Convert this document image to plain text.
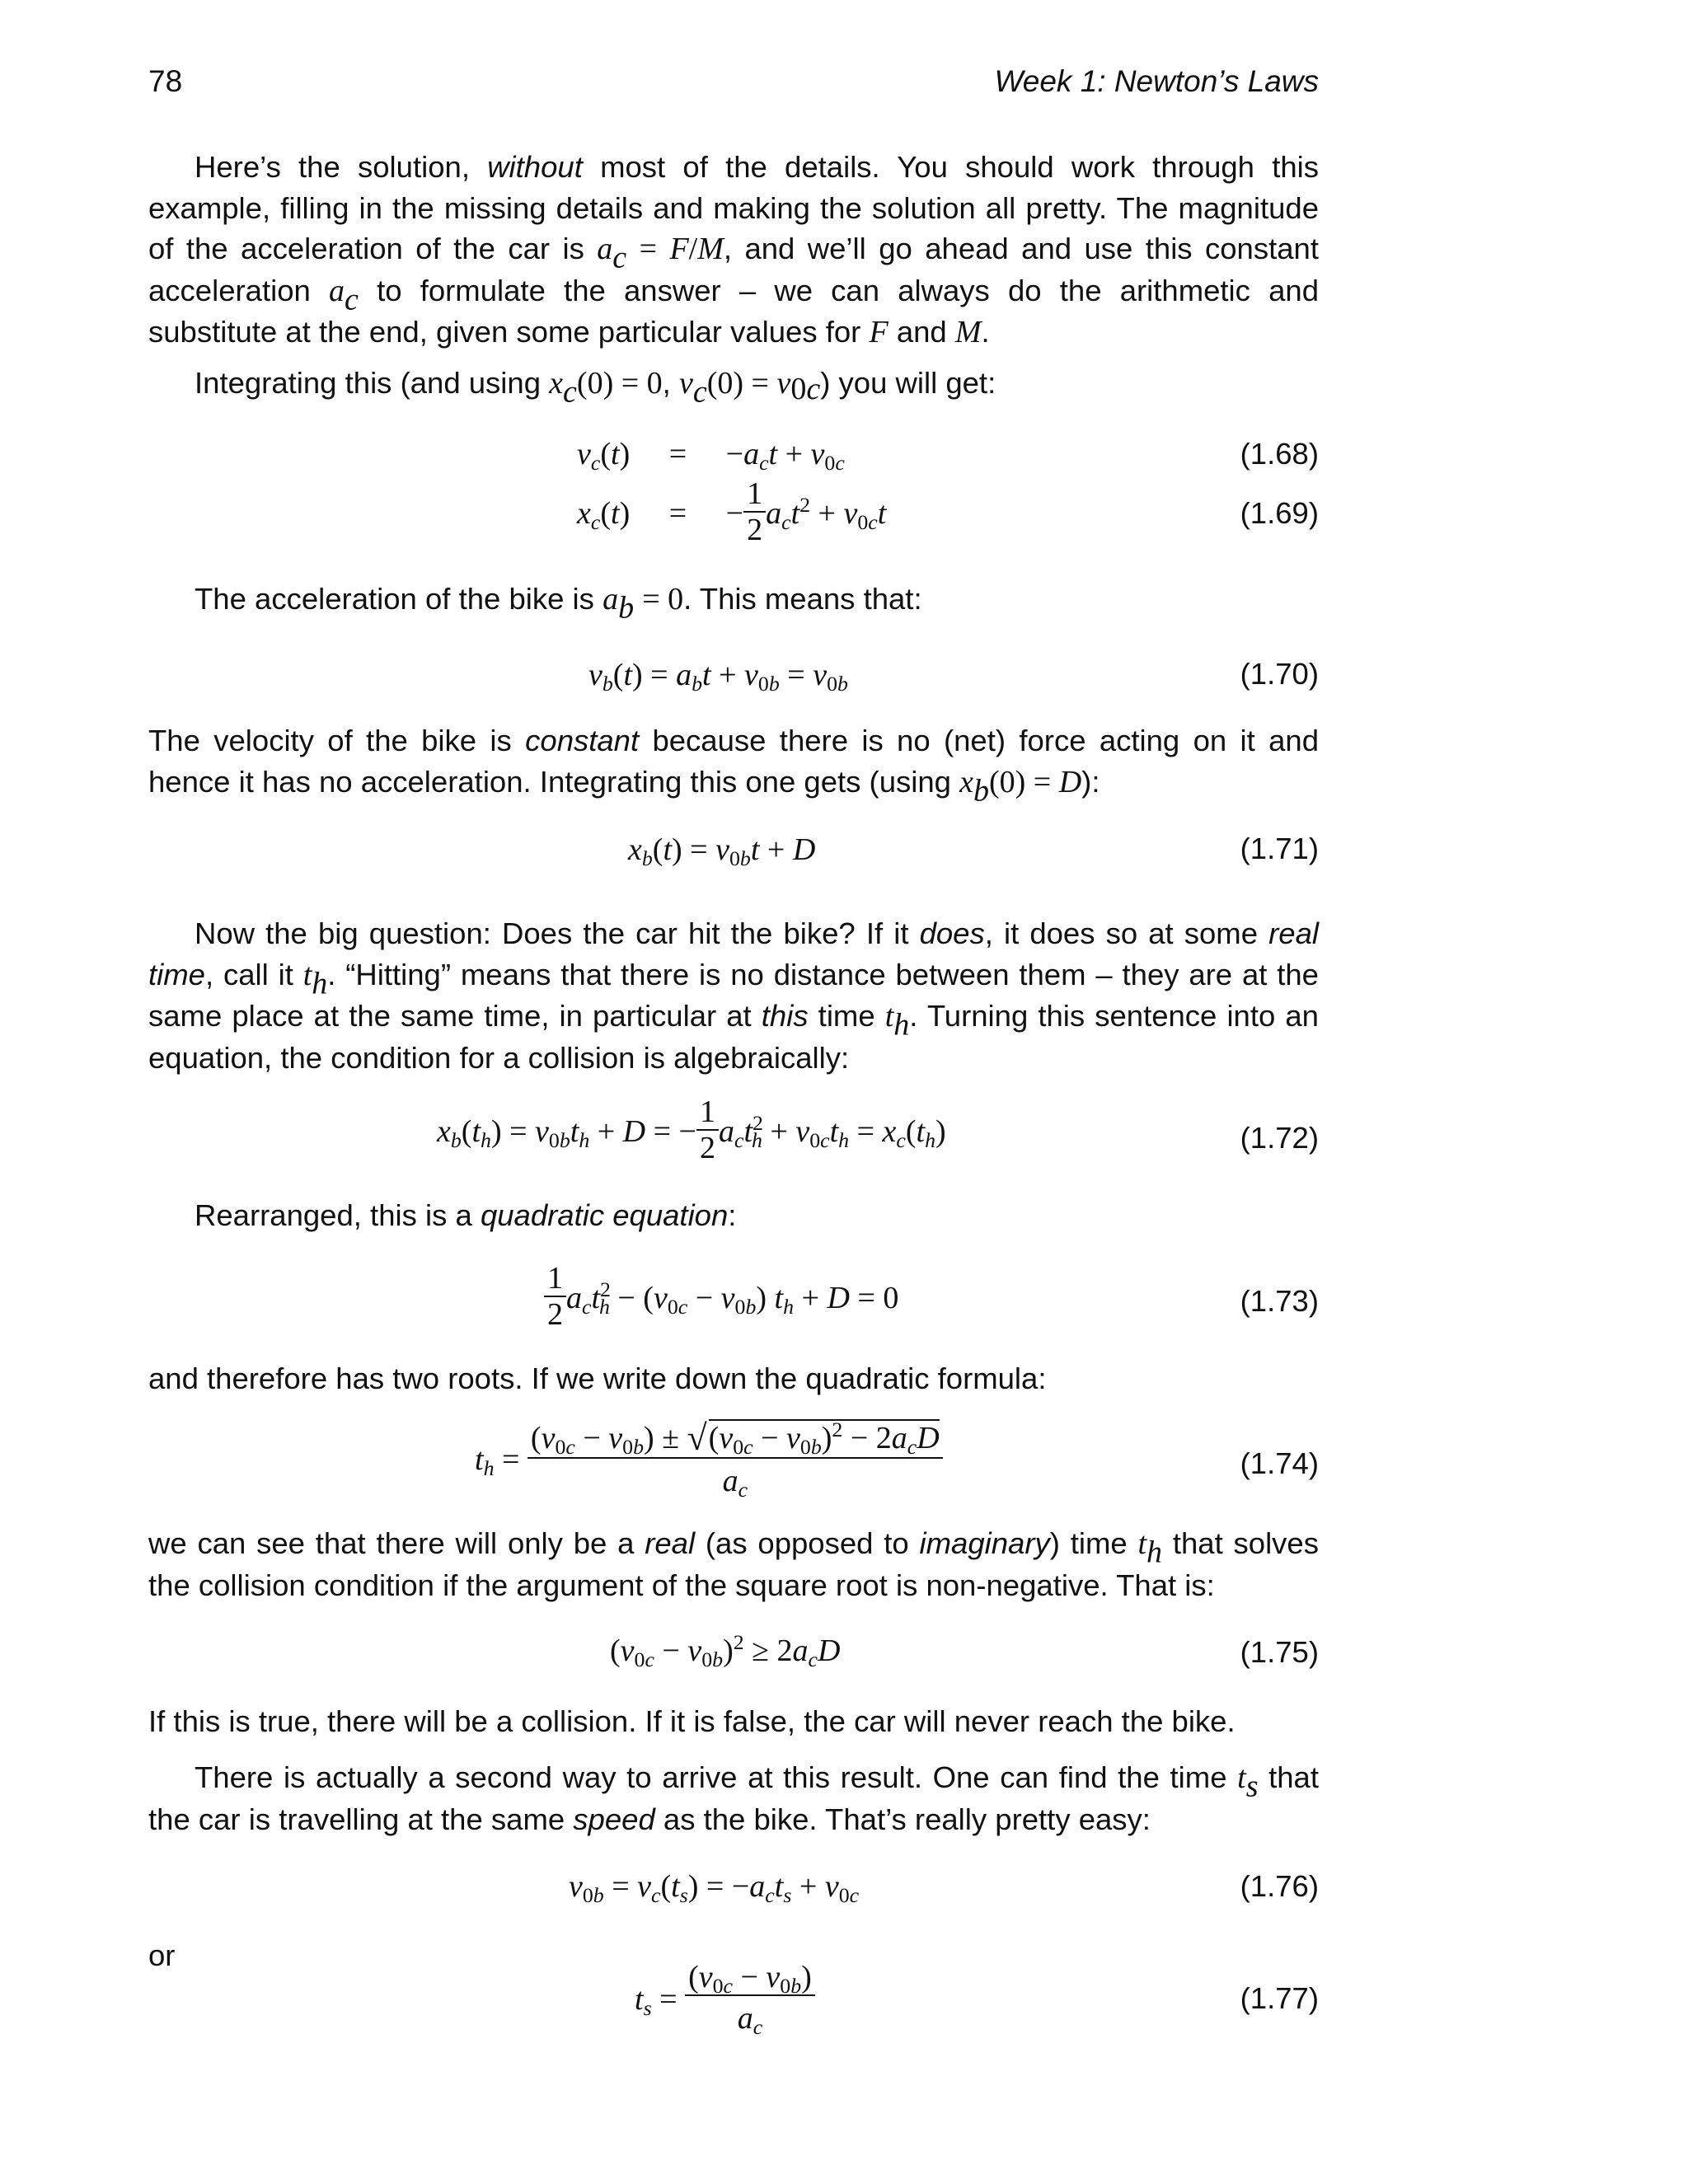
78	Week 1: Newton’s Laws
Here’s the solution, without most of the details. You should work through this example, filling in the missing details and making the solution all pretty. The magnitude of the acceleration of the car is $a_c = F/M$, and we’ll go ahead and use this constant acceleration $a_c$ to formulate the answer – we can always do the arithmetic and substitute at the end, given some particular values for F and M.
Integrating this (and using $x_c(0) = 0$, $v_c(0) = v_{0c}$) you will get:
$v_c(t)$     =     $-a_ct + v_{0c}$	(1.68)
$x_c(t)$ = − $\frac{1}{2} a_ct^2 + v_{0c}t$	(1.69)
The acceleration of the bike is $a_b = 0$. This means that:
$v_b(t) = a_bt + v_{0b} = v_{0b}$	(1.70)
The velocity of the bike is constant because there is no (net) force acting on it and hence it has no acceleration. Integrating this one gets (using $x_b(0) = D$):
$x_b(t) = v_{0b}t + D$	(1.71)
Now the big question: Does the car hit the bike? If it does, it does so at some real time, call it $t_h$. “Hitting” means that there is no distance between them – they are at the same place at the same time, in particular at this time $t_h$. Turning this sentence into an equation, the condition for a collision is algebraically:
$x_b(t_h) = v_{0b}t_h + D$ = − $\frac{1}{2} a_ct^2_h + v_{0c}t_h = x_c(t_h)$	(1.72)
Rearranged, this is a quadratic equation:
$\frac{1}{2} a_ct^2_h - (v_{0c} - v_{0b}) t_h + D = 0$	(1.73)
and therefore has two roots. If we write down the quadratic formula:
$t_h = \frac{(v_{0c} - v_{0b}) \pm √(v_{0c} - v_{0b})^2 - 2a_cD}{a_c}$	(1.74)
we can see that there will only be a real (as opposed to imaginary) time $t_h$ that solves the collision condition if the argument of the square root is non-negative. That is:
$(v_{0c} - v_{0b})^2 \ge 2a_cD$	(1.75)
If this is true, there will be a collision. If it is false, the car will never reach the bike.
There is actually a second way to arrive at this result. One can find the time $t_s$ that the car is travelling at the same speed as the bike. That’s really pretty easy:
$v_{0b} = v_c(t_s) = -a_ct_s + v_{0c}$	(1.76)
or
$t_s = \frac{(v_{0c} - v_{0b})}{a_c}$	(1.77)
